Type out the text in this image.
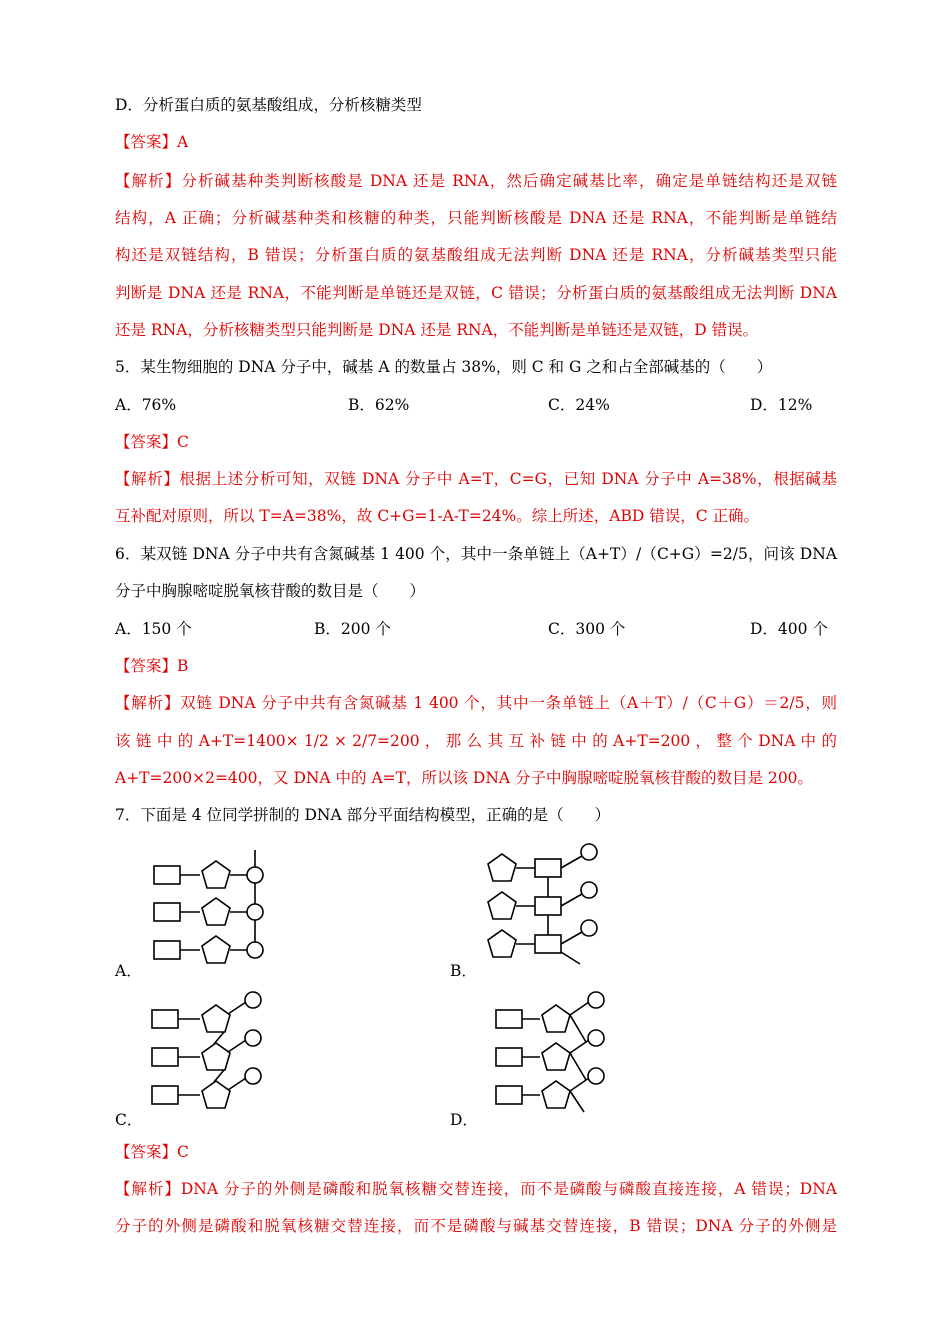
D．分析蛋白质的氨基酸组成，分析核糖类型
【答案】A
【解析】分析碱基种类判断核酸是 DNA 还是 RNA，然后确定碱基比率，确定是单链结构还是双链
结构，A 正确；分析碱基种类和核糖的种类，只能判断核酸是 DNA 还是 RNA，不能判断是单链结
构还是双链结构，B 错误；分析蛋白质的氨基酸组成无法判断 DNA 还是 RNA，分析碱基类型只能
判断是 DNA 还是 RNA，不能判断是单链还是双链，C 错误；分析蛋白质的氨基酸组成无法判断 DNA
还是 RNA，分析核糖类型只能判断是 DNA 还是 RNA，不能判断是单链还是双链，D 错误。
5．某生物细胞的 DNA 分子中，碱基 A 的数量占 38%，则 C 和 G 之和占全部碱基的（　　）
A．76%	B．62%	C．24%	D．12%
【答案】C
【解析】根据上述分析可知，双链 DNA 分子中 A=T，C=G，已知 DNA 分子中 A=38%，根据碱基
互补配对原则，所以 T=A=38%，故 C+G=1-A-T=24%。综上所述，ABD 错误，C 正确。
6．某双链 DNA 分子中共有含氮碱基 1 400 个，其中一条单链上（A+T）/（C+G）=2/5，问该 DNA
分子中胸腺嘧啶脱氧核苷酸的数目是（　　）
A．150 个	B．200 个	C．300 个	D．400 个
【答案】B
【解析】双链 DNA 分子中共有含氮碱基 1 400 个，其中一条单链上（A＋T）/（C＋G）＝2/5，则
该 链 中 的 A+T=1400× 1/2 × 2/7=200 ， 那 么 其 互 补 链 中 的 A+T=200 ， 整 个 DNA 中 的
A+T=200×2=400，又 DNA 中的 A=T，所以该 DNA 分子中胸腺嘧啶脱氧核苷酸的数目是 200。
7．下面是 4 位同学拼制的 DNA 部分平面结构模型，正确的是（　　）
A．	B．
C．	D．
【答案】C
【解析】DNA 分子的外侧是磷酸和脱氧核糖交替连接，而不是磷酸与磷酸直接连接，A 错误；DNA
分子的外侧是磷酸和脱氧核糖交替连接，而不是磷酸与碱基交替连接，B 错误；DNA 分子的外侧是
